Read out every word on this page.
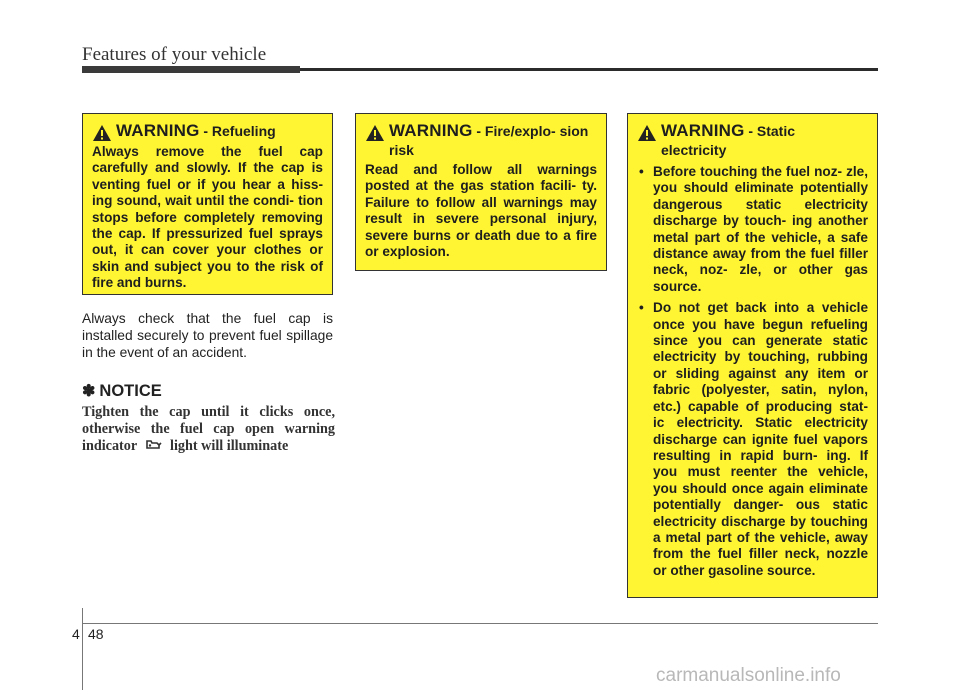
Features of your vehicle
WARNING - Refueling
Always remove the fuel cap carefully and slowly. If the cap is venting fuel or if you hear a hiss- ing sound, wait until the condi- tion stops before completely removing the cap. If pressurized fuel sprays out, it can cover your clothes or skin and subject you to the risk of fire and burns.
WARNING - Fire/explo- sion risk
Read and follow all warnings posted at the gas station facili- ty. Failure to follow all warnings may result in severe personal injury, severe burns or death due to a fire or explosion.
WARNING - Static electricity
• Before touching the fuel noz- zle, you should eliminate potentially dangerous static electricity discharge by touch- ing another metal part of the vehicle, a safe distance away from the fuel filler neck, noz- zle, or other gas source.
• Do not get back into a vehicle once you have begun refueling since you can generate static electricity by touching, rubbing or sliding against any item or fabric (polyester, satin, nylon, etc.) capable of producing stat- ic electricity. Static electricity discharge can ignite fuel vapors resulting in rapid burn- ing. If you must reenter the vehicle, you should once again eliminate potentially danger- ous static electricity discharge by touching a metal part of the vehicle, away from the fuel filler neck, nozzle or other gasoline source.

Always check that the fuel cap is installed securely to prevent fuel spillage in the event of an accident.

✽ NOTICE

Tighten the cap until it clicks once, otherwise the fuel cap open warning indicator light will illuminate

4 48
carmanualsonline.info
